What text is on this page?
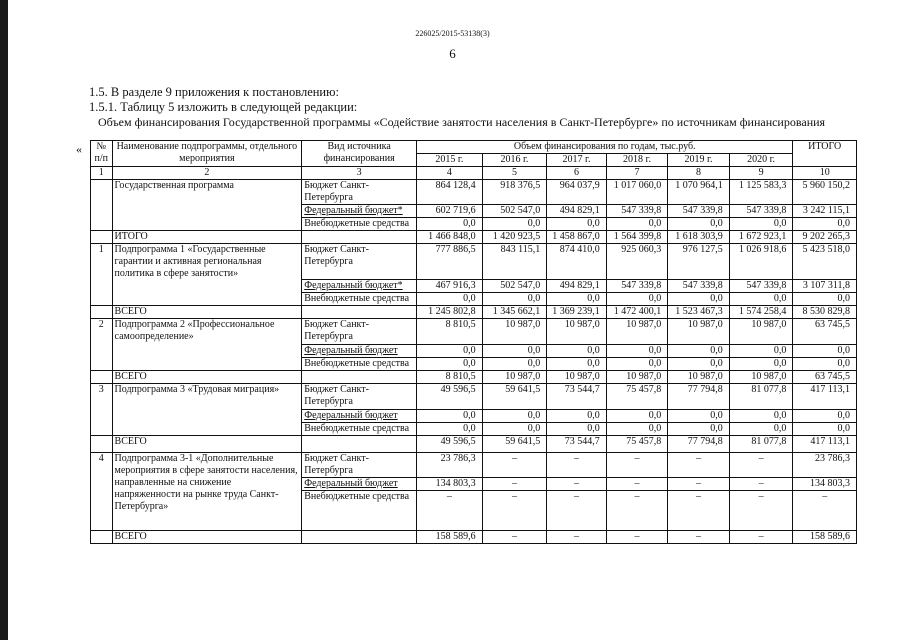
226025/2015-53138(3)
6
1.5. В разделе 9 приложения к постановлению:
1.5.1. Таблицу 5 изложить в следующей редакции:
Объем финансирования Государственной программы «Содействие занятости населения в Санкт-Петербурге» по источникам финансирования
« № п/п	Наименование подпрограммы, отдельного мероприятия	Вид источника финансирования	Объем финансирования по годам, тыс.руб.						ИТОГО
			2015 г.	2016 г.	2017 г.	2018 г.	2019 г.	2020 г.	
1	2	3	4	5	6	7	8	9	10
	Государственная программа	Бюджет Санкт-Петербурга	864 128,4	918 376,5	964 037,9	1 017 060,0	1 070 964,1	1 125 583,3	5 960 150,2
		Федеральный бюджет*	602 719,6	502 547,0	494 829,1	547 339,8	547 339,8	547 339,8	3 242 115,1
		Внебюджетные средства	0,0	0,0	0,0	0,0	0,0	0,0	0,0
	ИТОГО		1 466 848,0	1 420 923,5	1 458 867,0	1 564 399,8	1 618 303,9	1 672 923,1	9 202 265,3
1	Подпрограмма 1 «Государственные гарантии и активная региональная политика в сфере занятости»	Бюджет Санкт-Петербурга	777 886,5	843 115,1	874 410,0	925 060,3	976 127,5	1 026 918,6	5 423 518,0
		Федеральный бюджет*	467 916,3	502 547,0	494 829,1	547 339,8	547 339,8	547 339,8	3 107 311,8
		Внебюджетные средства	0,0	0,0	0,0	0,0	0,0	0,0	0,0
	ВСЕГО		1 245 802,8	1 345 662,1	1 369 239,1	1 472 400,1	1 523 467,3	1 574 258,4	8 530 829,8
2	Подпрограмма 2 «Профессиональное самоопределение»	Бюджет Санкт-Петербурга	8 810,5	10 987,0	10 987,0	10 987,0	10 987,0	10 987,0	63 745,5
		Федеральный бюджет	0,0	0,0	0,0	0,0	0,0	0,0	0,0
		Внебюджетные средства	0,0	0,0	0,0	0,0	0,0	0,0	0,0
	ВСЕГО		8 810,5	10 987,0	10 987,0	10 987,0	10 987,0	10 987,0	63 745,5
3	Подпрограмма 3 «Трудовая миграция»	Бюджет Санкт-Петербурга	49 596,5	59 641,5	73 544,7	75 457,8	77 794,8	81 077,8	417 113,1
		Федеральный бюджет	0,0	0,0	0,0	0,0	0,0	0,0	0,0
		Внебюджетные средства	0,0	0,0	0,0	0,0	0,0	0,0	0,0
	ВСЕГО		49 596,5	59 641,5	73 544,7	75 457,8	77 794,8	81 077,8	417 113,1
4	Подпрограмма 3-1 «Дополнительные мероприятия в сфере занятости населения, направленные на снижение напряженности на рынке труда Санкт-Петербурга»	Бюджет Санкт-Петербурга	23 786,3	–	–	–	–	–	23 786,3
		Федеральный бюджет	134 803,3	–	–	–	–	–	134 803,3
		Внебюджетные средства	–	–	–	–	–	–	–
	ВСЕГО		158 589,6	–	–	–	–	–	158 589,6
